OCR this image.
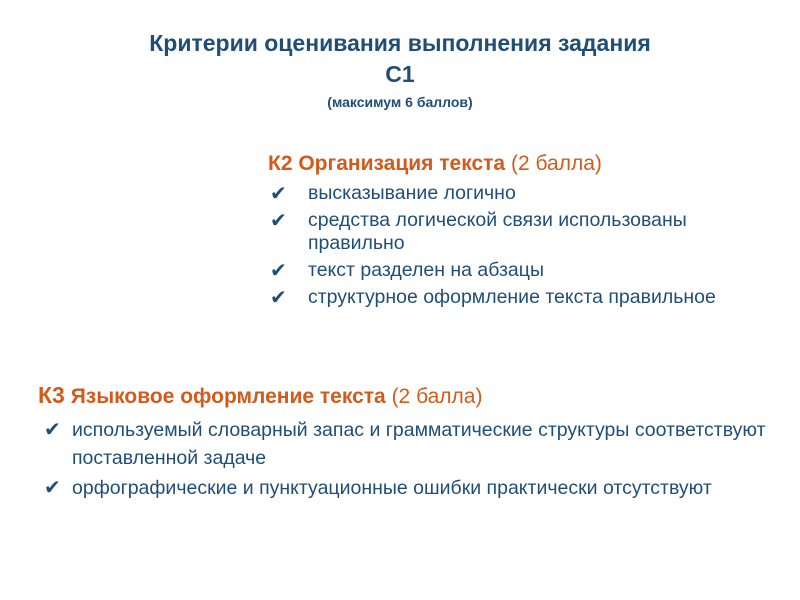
Критерии оценивания выполнения задания
С1
(максимум 6 баллов)
К2 Организация текста (2 балла)
✔ высказывание логично
✔ средства логической связи использованы правильно
✔ текст разделен на абзацы
✔ структурное оформление текста правильное
К3 Языковое оформление текста (2 балла)
✔ используемый словарный запас и грамматические структуры соответствуют поставленной задаче
✔ орфографические и пунктуационные ошибки практически отсутствуют
